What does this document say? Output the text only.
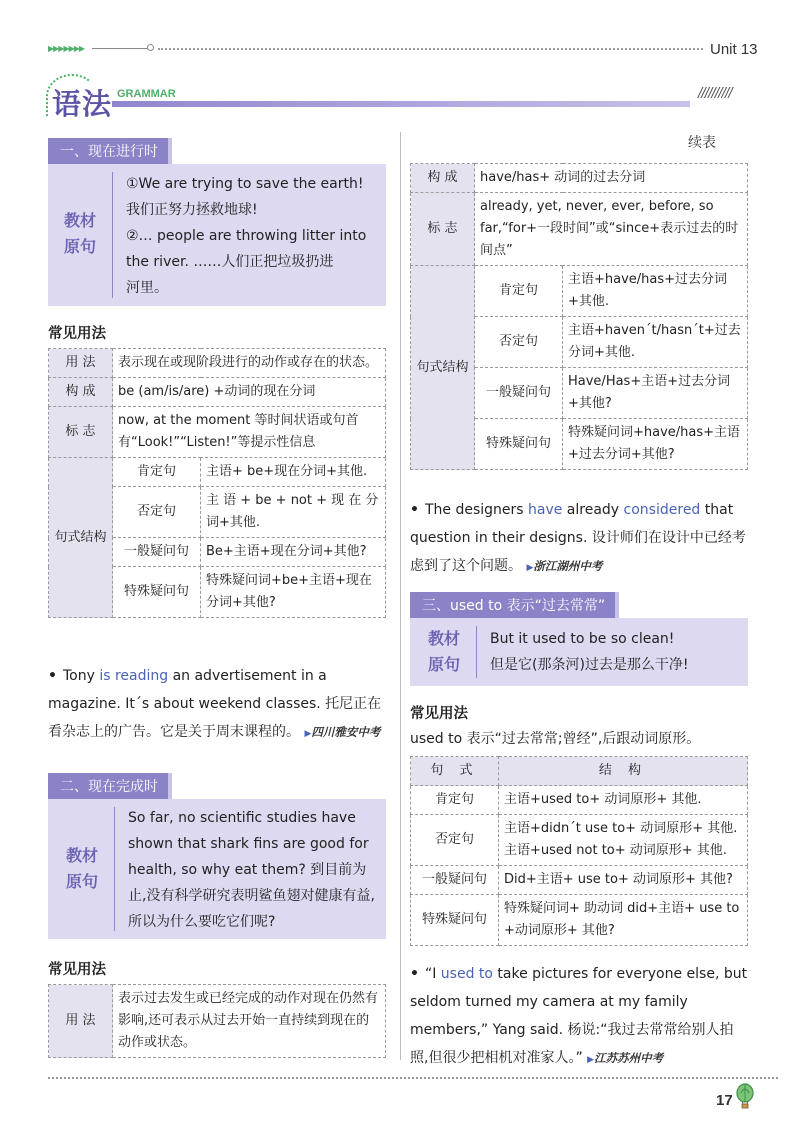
▶▶▶▶▶▶▶	Unit 13
语法 GRAMMAR	//////////
一、现在进行时
教材
原句
①We are trying to save the earth!
我们正努力拯救地球!
②… people are throwing litter into
the river. ……人们正把垃圾扔进
河里。
常见用法
用 法	表示现在或现阶段进行的动作或存在的状态。	
构 成	be (am/is/are) +动词的现在分词	
标 志	now, at the moment 等时间状语或句首有“Look!”“Listen!”等提示性信息	
句式结构	肯定句	主语+ be+现在分词+其他.
	否定句	主 语 + be + not + 现 在 分 词+其他.
	一般疑问句	Be+主语+现在分词+其他?
	特殊疑问句	特殊疑问词+be+主语+现在分词+其他?
• Tony is reading an advertisement in a magazine. It´s about weekend classes. 托尼正在看杂志上的广告。它是关于周末课程的。 ▶四川雅安中考
二、现在完成时
教材
原句
So far, no scientific studies have shown that shark fins are good for health, so why eat them? 到目前为止,没有科学研究表明鲨鱼翅对健康有益,所以为什么要吃它们呢?
常见用法
用 法	表示过去发生或已经完成的动作对现在仍然有影响,还可表示从过去开始一直持续到现在的动作或状态。
续表
构 成	have/has+ 动词的过去分词	
标 志	already, yet, never, ever, before, so far,“for+一段时间”或“since+表示过去的时间点”	
句式结构	肯定句	主语+have/has+过去分词+其他.
	否定句	主语+haven´t/hasn´t+过去分词+其他.
	一般疑问句	Have/Has+主语+过去分词+其他?
	特殊疑问句	特殊疑问词+have/has+主语+过去分词+其他?
• The designers have already considered that question in their designs. 设计师们在设计中已经考虑到了这个问题。 ▶浙江湖州中考
三、used to 表示“过去常常”
教材
原句
But it used to be so clean!
但是它(那条河)过去是那么干净!
常见用法
used to 表示“过去常常;曾经”,后跟动词原形。
句 式	结 构
肯定句	主语+used to+ 动词原形+ 其他.
否定句	主语+didn´t use to+ 动词原形+ 其他.
主语+used not to+ 动词原形+ 其他.

一般疑问句	Did+主语+ use to+ 动词原形+ 其他?
特殊疑问句	特殊疑问词+ 助动词 did+主语+ use to +动词原形+ 其他?
• “I used to take pictures for everyone else, but seldom turned my camera at my family members,” Yang said. 杨说:“我过去常常给别人拍照,但很少把相机对准家人。” ▶江苏苏州中考
17
